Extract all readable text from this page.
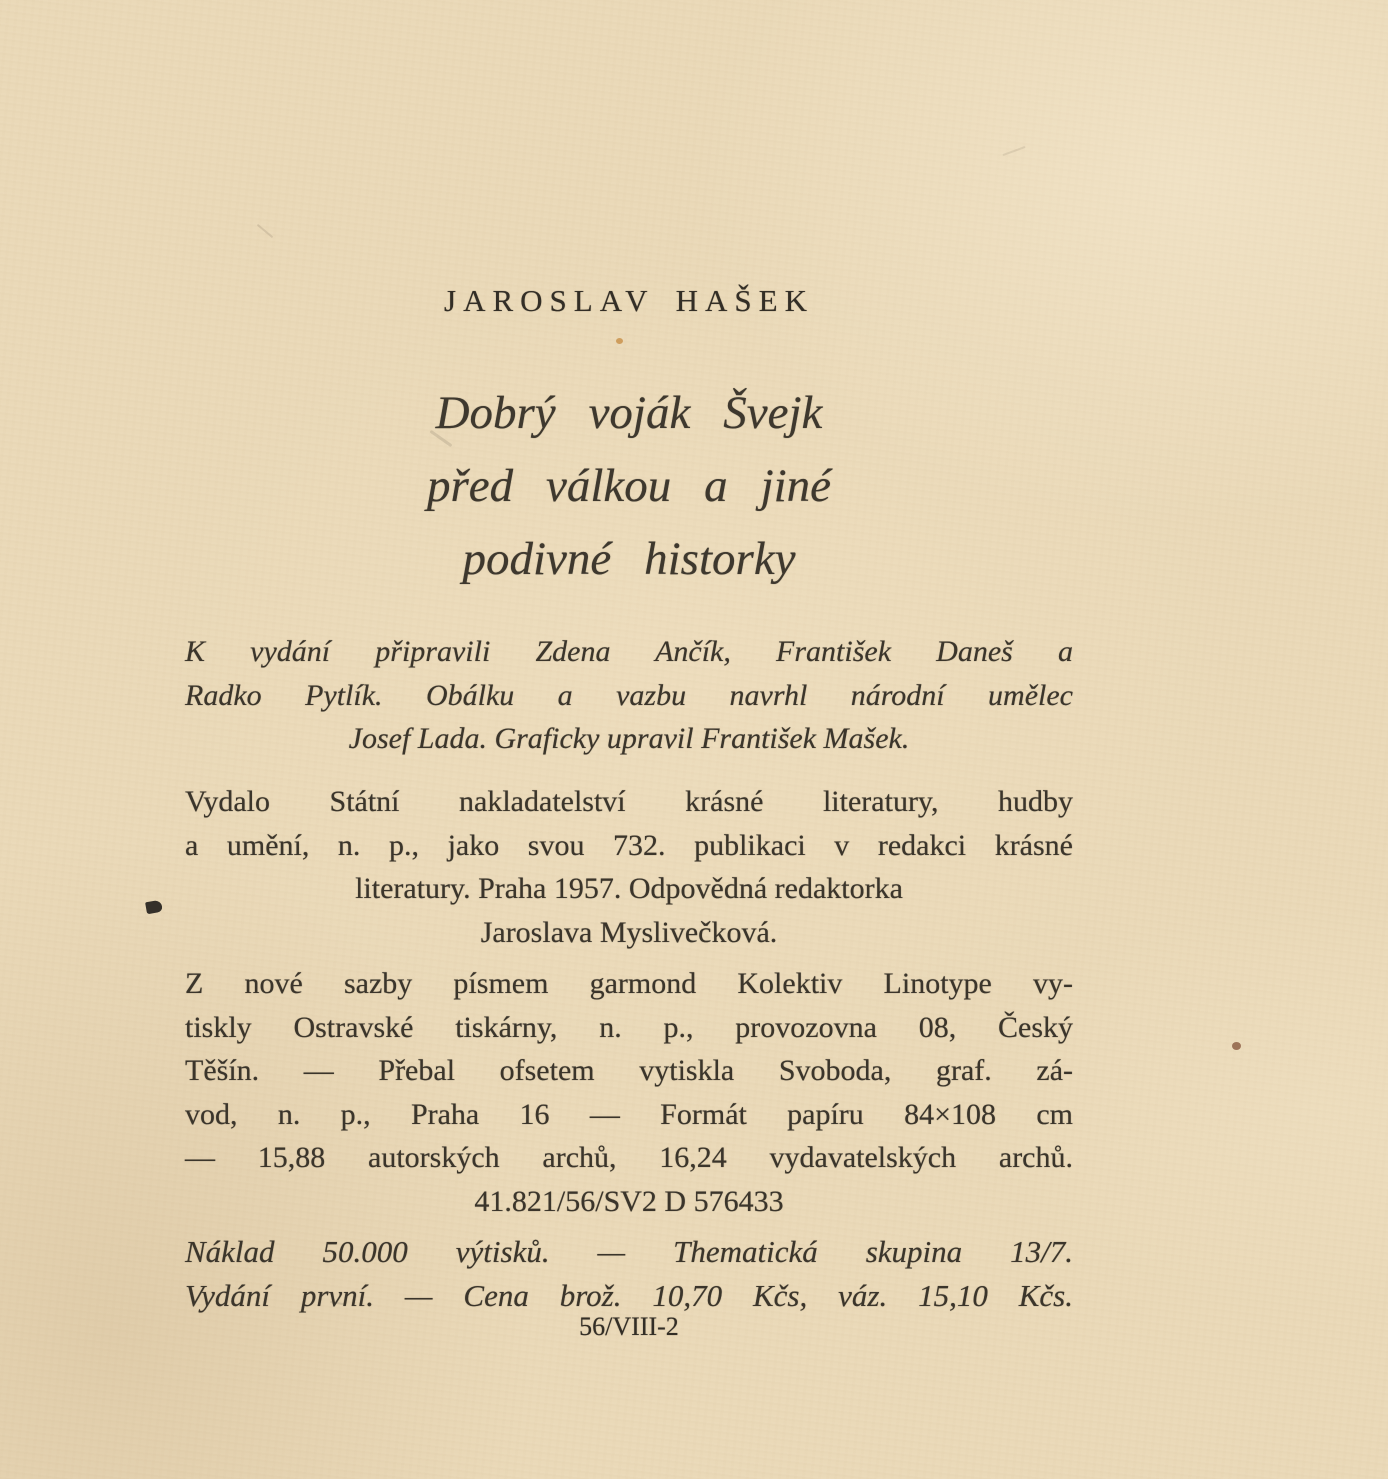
JAROSLAV HAŠEK
Dobrý voják Švejk
před válkou a jiné
podivné historky
K vydání připravili Zdena Ančík, František Daneš a
Radko Pytlík. Obálku a vazbu navrhl národní umělec
Josef Lada. Graficky upravil František Mašek.
Vydalo Státní nakladatelství krásné literatury, hudby
a umění, n. p., jako svou 732. publikaci v redakci krásné
literatury. Praha 1957. Odpovědná redaktorka
Jaroslava Myslivečková.
Z nové sazby písmem garmond Kolektiv Linotype vy-
tiskly Ostravské tiskárny, n. p., provozovna 08, Český
Těšín. — Přebal ofsetem vytiskla Svoboda, graf. zá-
vod, n. p., Praha 16 — Formát papíru 84×108 cm
— 15,88 autorských archů, 16,24 vydavatelských archů.
41.821/56/SV2 D 576433
Náklad 50.000 výtisků. — Thematická skupina 13/7.
Vydání první. — Cena brož. 10,70 Kčs, váz. 15,10 Kčs.
56/VIII-2
